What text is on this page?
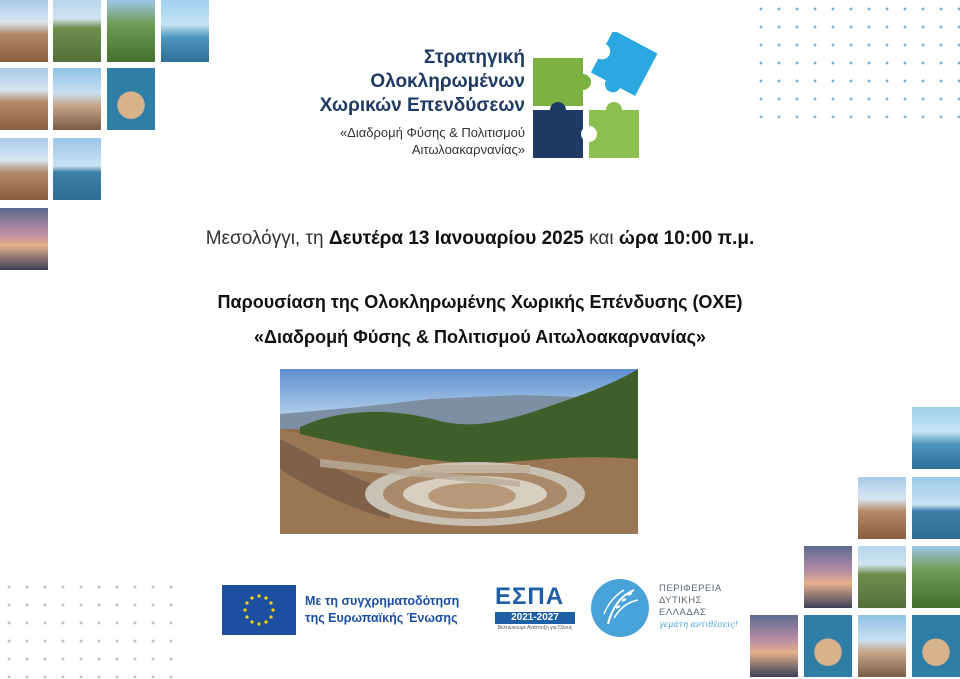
Στρατηγική
Ολοκληρωμένων
Χωρικών Επενδύσεων
«Διαδρομή Φύσης & Πολιτισμού
Αιτωλοακαρνανίας»
Μεσολόγγι, τη Δευτέρα 13 Ιανουαρίου 2025 και ώρα 10:00 π.μ.
Παρουσίαση της Ολοκληρωμένης Χωρικής Επένδυσης (ΟΧΕ)
«Διαδρομή Φύσης & Πολιτισμού Αιτωλοακαρνανίας»
Με τη συγχρηματοδότηση
της Ευρωπαϊκής Ένωσης
ΕΣΠΑ
2021-2027
Βελτιώνουμε Ανάπτυξη για Όλους
ΠΕΡΙΦΕΡΕΙΑ
ΔΥΤΙΚΗΣ
ΕΛΛΑΔΑΣ
γεμάτη αντιθέσεις!
